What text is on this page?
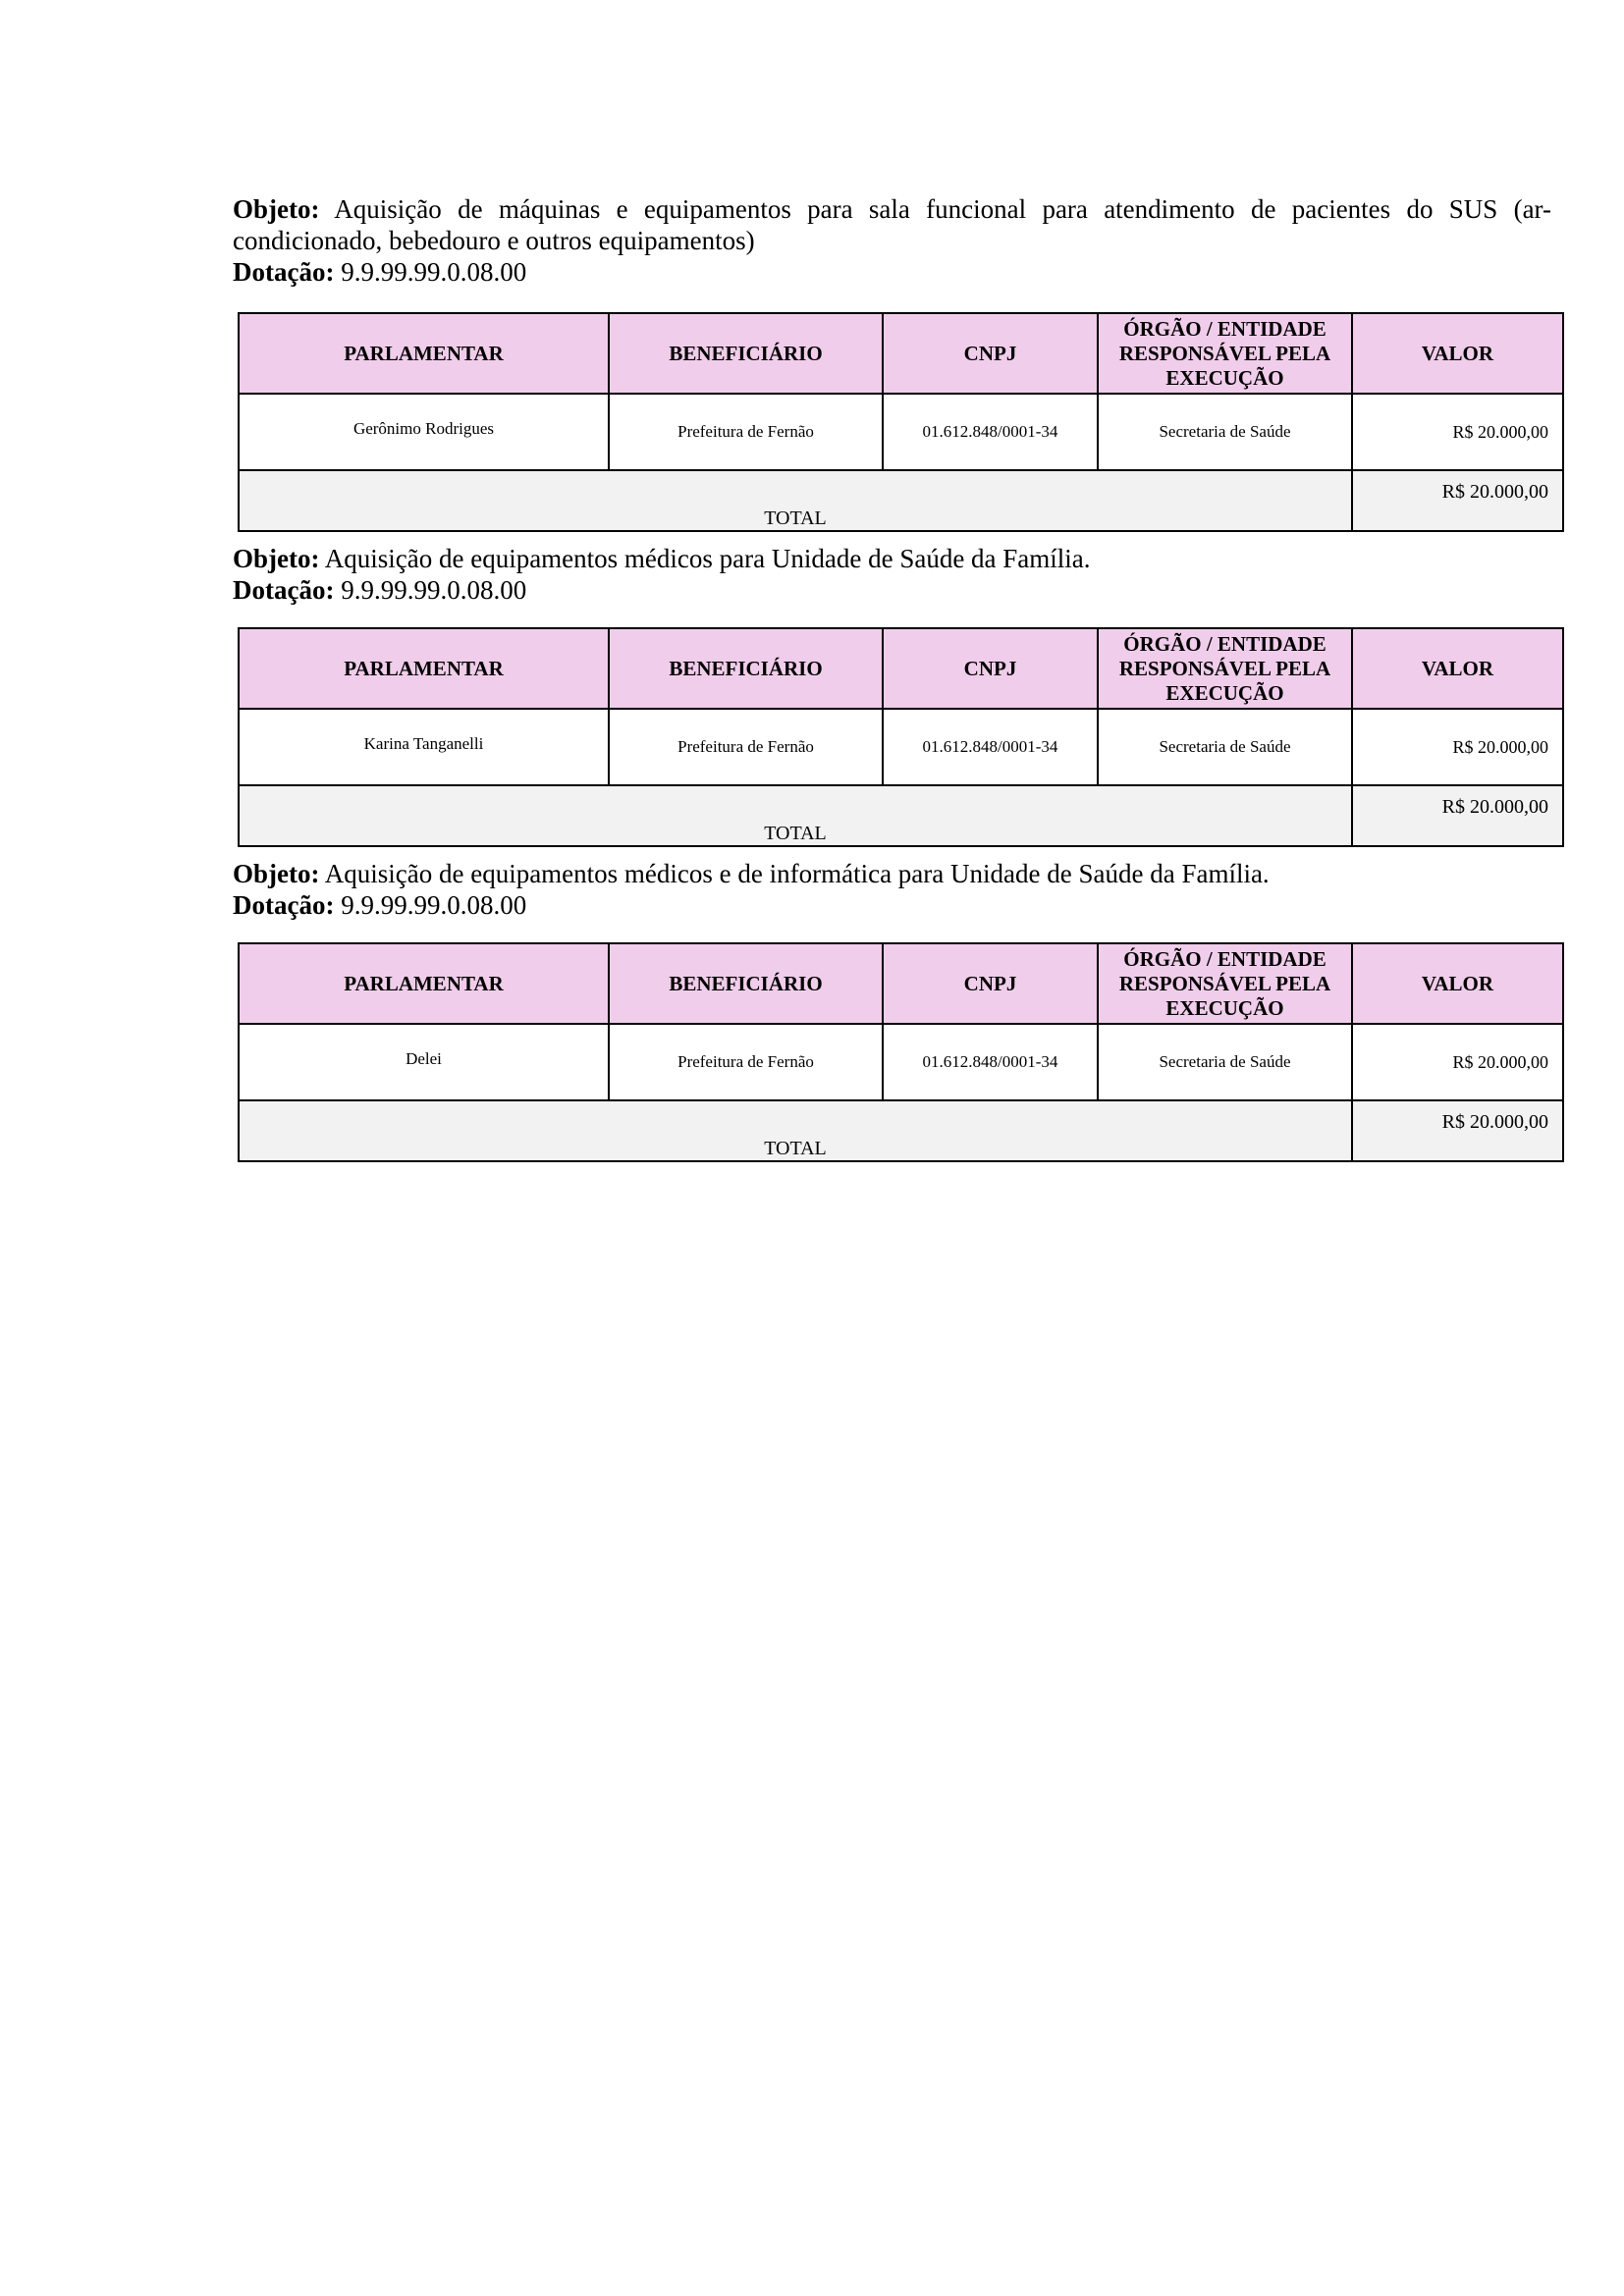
Objeto: Aquisição de máquinas e equipamentos para sala funcional para atendimento de pacientes do SUS (ar-condicionado, bebedouro e outros equipamentos)
Dotação: 9.9.99.99.0.08.00
PARLAMENTAR	BENEFICIÁRIO	CNPJ	ÓRGÃO / ENTIDADE RESPONSÁVEL PELA EXECUÇÃO	VALOR
Gerônimo Rodrigues	Prefeitura de Fernão	01.612.848/0001-34	Secretaria de Saúde	R$ 20.000,00
TOTAL				R$ 20.000,00
Objeto: Aquisição de equipamentos médicos para Unidade de Saúde da Família.
Dotação: 9.9.99.99.0.08.00
PARLAMENTAR	BENEFICIÁRIO	CNPJ	ÓRGÃO / ENTIDADE RESPONSÁVEL PELA EXECUÇÃO	VALOR
Karina Tanganelli	Prefeitura de Fernão	01.612.848/0001-34	Secretaria de Saúde	R$ 20.000,00
TOTAL				R$ 20.000,00
Objeto: Aquisição de equipamentos médicos e de informática para Unidade de Saúde da Família.
Dotação: 9.9.99.99.0.08.00
PARLAMENTAR	BENEFICIÁRIO	CNPJ	ÓRGÃO / ENTIDADE RESPONSÁVEL PELA EXECUÇÃO	VALOR
Delei	Prefeitura de Fernão	01.612.848/0001-34	Secretaria de Saúde	R$ 20.000,00
TOTAL				R$ 20.000,00
